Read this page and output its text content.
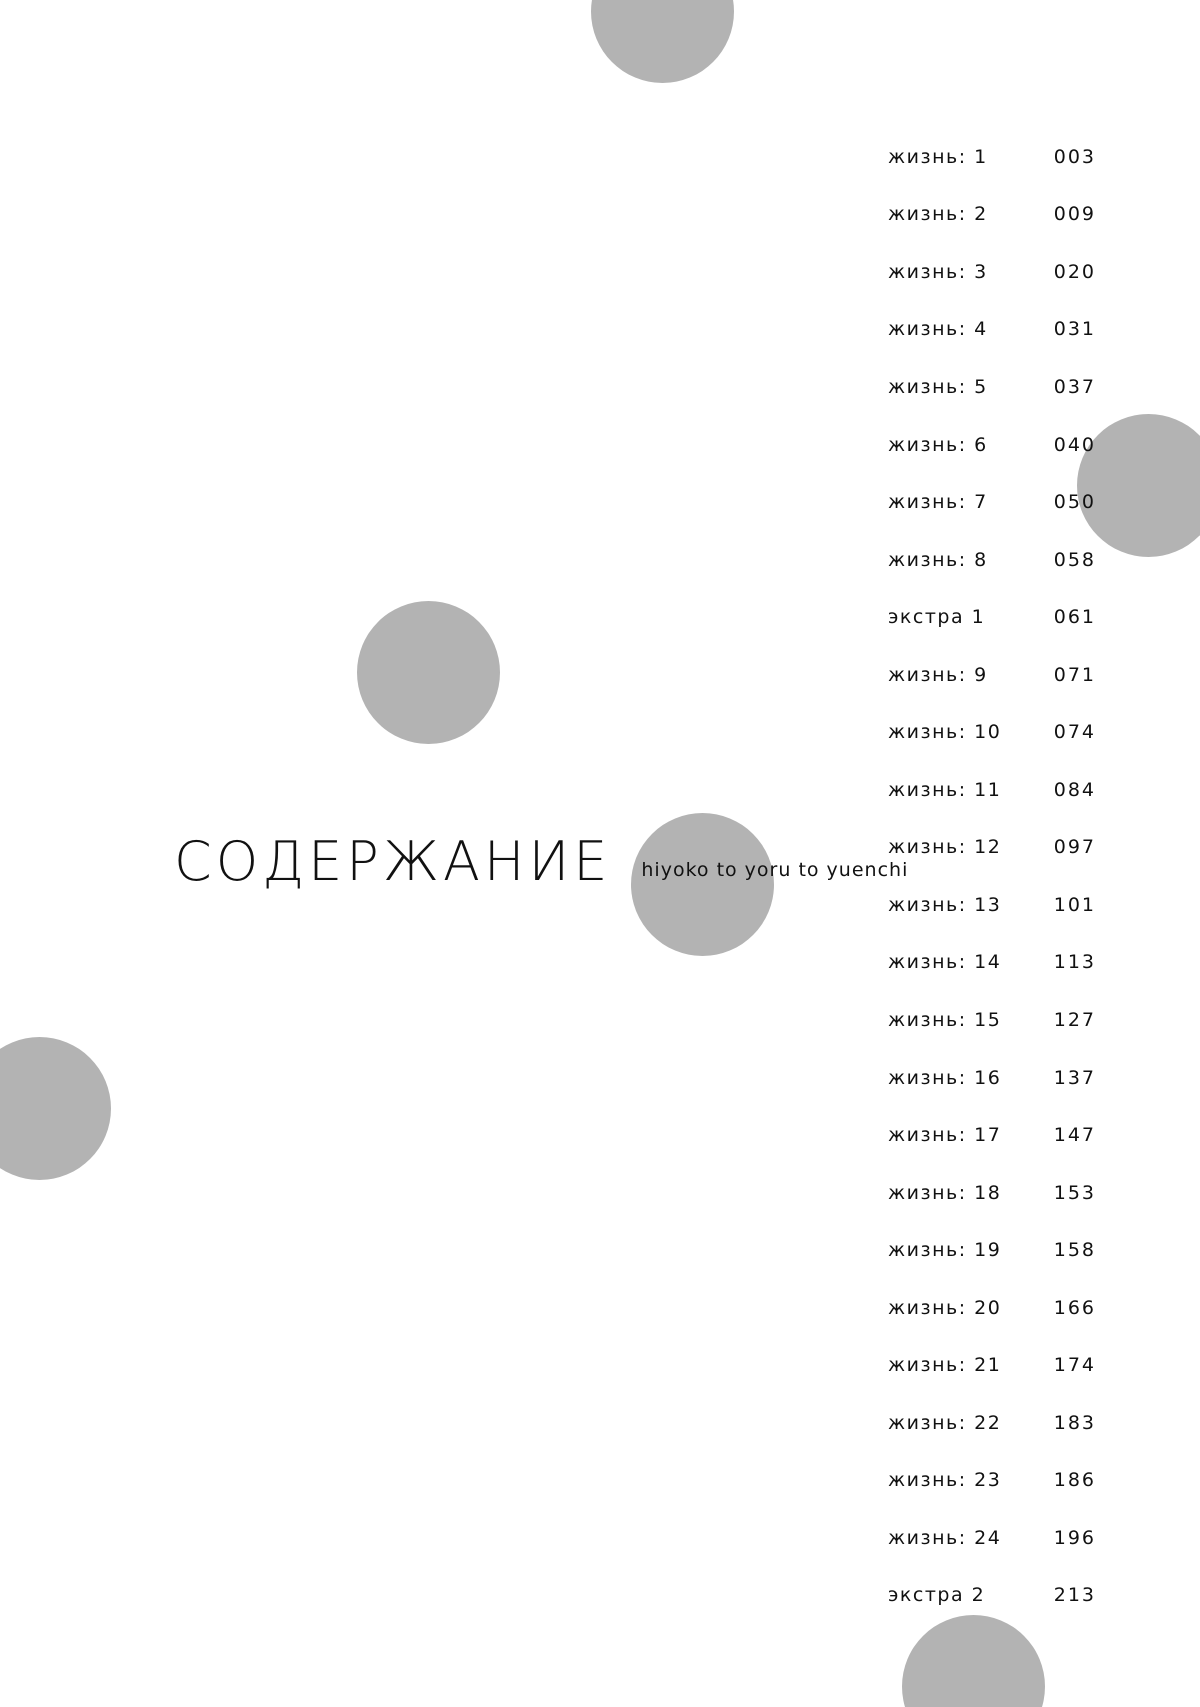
СОДЕРЖАНИЕ hiyoko to yoru to yuenchi
жизнь: 1	003
жизнь: 2	009
жизнь: 3	020
жизнь: 4	031
жизнь: 5	037
жизнь: 6	040
жизнь: 7	050
жизнь: 8	058
экстра 1	061
жизнь: 9	071
жизнь: 10	074
жизнь: 11	084
жизнь: 12	097
жизнь: 13	101
жизнь: 14	113
жизнь: 15	127
жизнь: 16	137
жизнь: 17	147
жизнь: 18	153
жизнь: 19	158
жизнь: 20	166
жизнь: 21	174
жизнь: 22	183
жизнь: 23	186
жизнь: 24	196
экстра 2	213
